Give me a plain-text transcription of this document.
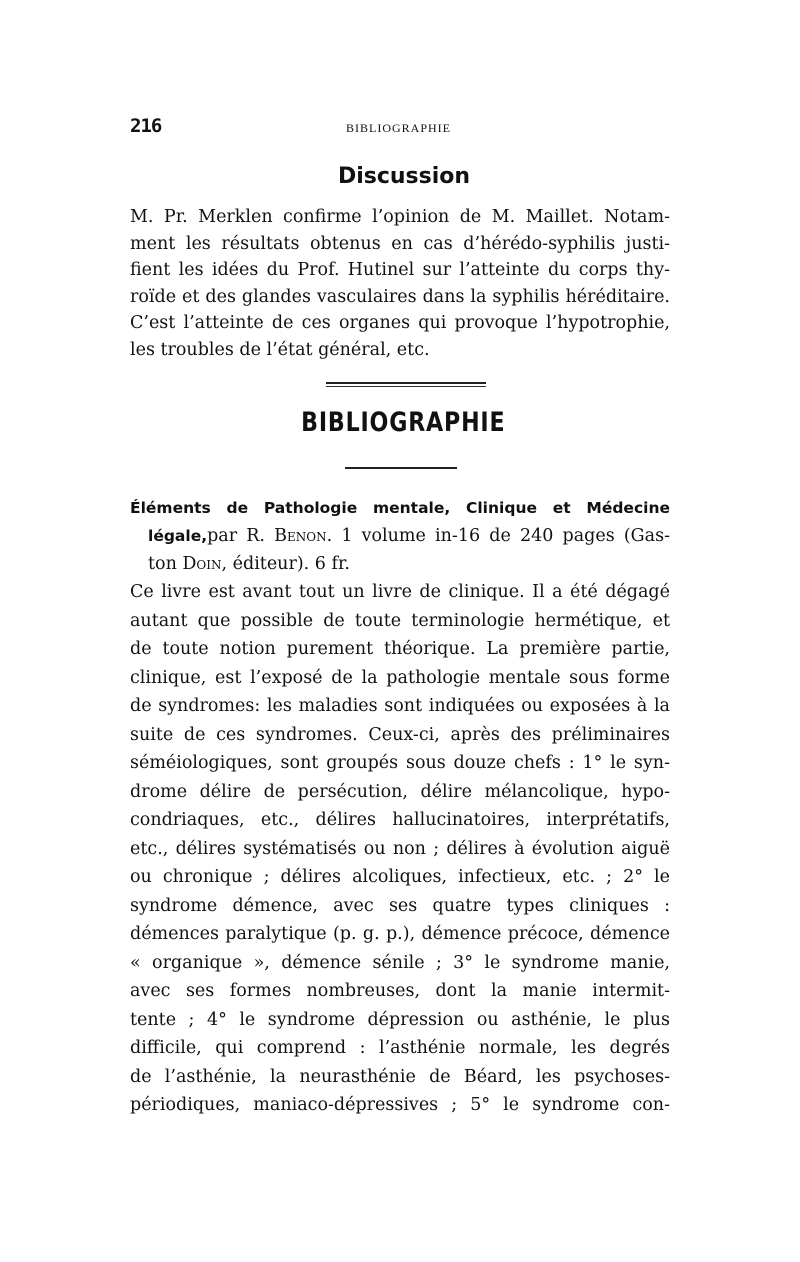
216	BIBLIOGRAPHIE
Discussion
M. Pr. Merklen confirme l’opinion de M. Maillet. Notam-
ment les résultats obtenus en cas d’hérédo-syphilis justi-
fient les idées du Prof. Hutinel sur l’atteinte du corps thy-
roïde et des glandes vasculaires dans la syphilis héréditaire.
C’est l’atteinte de ces organes qui provoque l’hypotrophie,
les troubles de l’état général, etc.
BIBLIOGRAPHIE
Éléments de Pathologie mentale, Clinique et Médecine
légale,par R. Benon. 1 volume in-16 de 240 pages (Gas-
ton Doin, éditeur). 6 fr.
Ce livre est avant tout un livre de clinique. Il a été dégagé
autant que possible de toute terminologie hermétique, et
de toute notion purement théorique. La première partie,
clinique, est l’exposé de la pathologie mentale sous forme
de syndromes: les maladies sont indiquées ou exposées à la
suite de ces syndromes. Ceux-ci, après des préliminaires
séméiologiques, sont groupés sous douze chefs : 1° le syn-
drome délire de persécution, délire mélancolique, hypo-
condriaques, etc., délires hallucinatoires, interprétatifs,
etc., délires systématisés ou non ; délires à évolution aiguë
ou chronique ; délires alcoliques, infectieux, etc. ; 2° le
syndrome démence, avec ses quatre types cliniques :
démences paralytique (p. g. p.), démence précoce, démence
« organique », démence sénile ; 3° le syndrome manie,
avec ses formes nombreuses, dont la manie intermit-
tente ; 4° le syndrome dépression ou asthénie, le plus
difficile, qui comprend : l’asthénie normale, les degrés
de l’asthénie, la neurasthénie de Béard, les psychoses-
périodiques, maniaco-dépressives ; 5° le syndrome con-
